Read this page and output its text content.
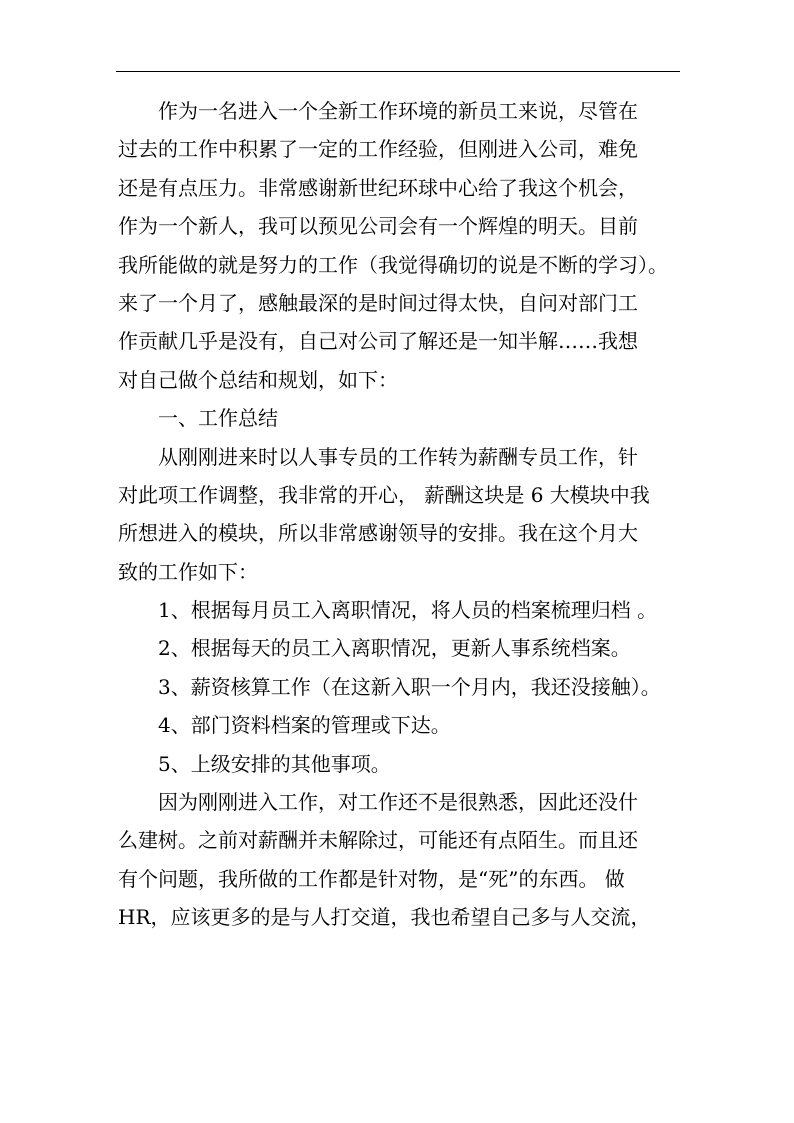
作为一名进入一个全新工作环境的新员工来说，尽管在
过去的工作中积累了一定的工作经验，但刚进入公司，难免
还是有点压力。非常感谢新世纪环球中心给了我这个机会，
作为一个新人，我可以预见公司会有一个辉煌的明天。目前
我所能做的就是努力的工作（我觉得确切的说是不断的学习）。
来了一个月了，感触最深的是时间过得太快，自问对部门工
作贡献几乎是没有，自己对公司了解还是一知半解……我想
对自己做个总结和规划，如下：
一、工作总结
从刚刚进来时以人事专员的工作转为薪酬专员工作，针
对此项工作调整，我非常的开心， 薪酬这块是 6 大模块中我
所想进入的模块，所以非常感谢领导的安排。我在这个月大
致的工作如下：
1、根据每月员工入离职情况，将人员的档案梳理归档 。
2、根据每天的员工入离职情况，更新人事系统档案。
3、薪资核算工作（在这新入职一个月内，我还没接触）。
4、部门资料档案的管理或下达。
5、上级安排的其他事项。
因为刚刚进入工作，对工作还不是很熟悉，因此还没什
么建树。之前对薪酬并未解除过，可能还有点陌生。而且还
有个问题，我所做的工作都是针对物，是“死”的东西。 做
HR，应该更多的是与人打交道，我也希望自己多与人交流，
